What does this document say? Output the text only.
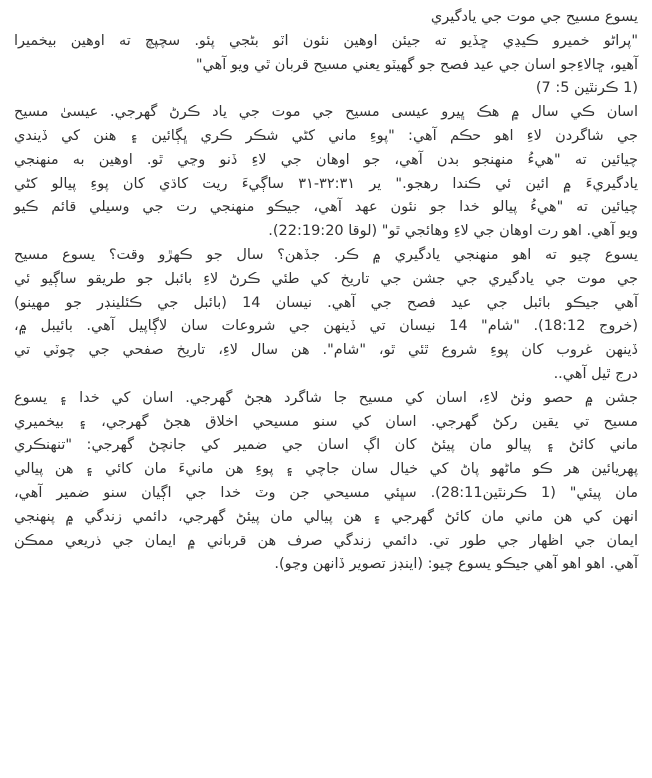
يسوع مسيح جي موت جي يادگيري

"پراڻو خميرو ڪيڍي ڇڏيو ته جيئن اوهين نئون اٽو بڻجي پئو. سچپچ ته اوهين بيخميرا
آهيو، ڇالاءِجو اسان جي عيد فصح جو گهيٽو يعني مسيح قربان ٿي ويو آهي"
(1 ڪرنٿين 5: 7)

اسان ڪي سال ۾ هڪ ڀيرو عيسى مسيح جي موت جي ياد ڪرڻ گهرجي. عيسىٰ مسيح
جي شاگردن لاءِ اهو حڪم آهي: "پوءِ ماني کڻي شڪر ڪري ڀڳائين ۽ هنن کي ڏيندي
چيائين ته "هيءُ منهنجو بدن آهي، جو اوهان جي لاءِ ڏنو وڃي ٿو. اوهين به منهنجي
يادگيريءَ ۾ ائين ئي ڪندا رهجو." ير ٣٢:٣١-٣١ ساڳيءَ ريت کاڌي کان پوءِ پيالو کڻي
چيائين ته "هيءُ پيالو خدا جو نئون عهد آهي، جيڪو منهنجي رت جي وسيلي قائم ڪيو
ويو آهي. اهو رت اوهان جي لاءِ وهائجي ٿو" (لوقا 22:19:20).

يسوع چيو ته اهو منهنجي يادگيري ۾ ڪر. جڏهن؟ سال جو ڪهڙو وقت؟ يسوع مسيح
جي موت جي يادگيري جي جشن جي تاريخ کي طئي ڪرڻ لاءِ بائبل جو طريقو ساڳيو ئي
آهي جيڪو بائبل جي عيد فصح جي آهي. نيسان 14 (بائبل جي ڪئلينڊر جو مهينو)
(خروج 18:12). "شام" 14 نيسان تي ڏينهن جي شروعات سان لاڳاپيل آهي. بائيبل ۾،
ڏينهن غروب کان پوءِ شروع ٿئي ٿو، "شام". هن سال لاءِ، تاريخ صفحي جي چوٽي تي
درج ٿيل آهي..

جشن ۾ حصو وٺڻ لاءِ، اسان کي مسيح جا شاگرد هجڻ گهرجي. اسان کي خدا ۽ يسوع
مسيح تي يقين رکڻ گهرجي. اسان کي سنو مسيحي اخلاق هجڻ گهرجي، ۽ بيخميري
ماني کائڻ ۽ پيالو مان پيئڻ کان اڳ اسان جي ضمير کي جانچڻ گهرجي: "تنهنڪري
پهريائين هر ڪو ماڻهو پاڻ کي خيال سان جاچي ۽ پوءِ هن مانيءَ مان کائي ۽ هن پيالي
مان پيئي" (1 ڪرنٿين28:11). سڀئي مسيحي جن وٽ خدا جي اڳيان سنو ضمير آهي،
انهن کي هن ماني مان کائڻ گهرجي ۽ هن پيالي مان پيئڻ گهرجي، دائمي زندگي ۾ پنهنجي
ايمان جي اظهار جي طور تي. دائمي زندگي صرف هن قرباني ۾ ايمان جي ذريعي ممڪن
آهي. اهو اهو آهي جيڪو يسوع چيو: (اينڊز تصوير ڏانهن وڃو).
